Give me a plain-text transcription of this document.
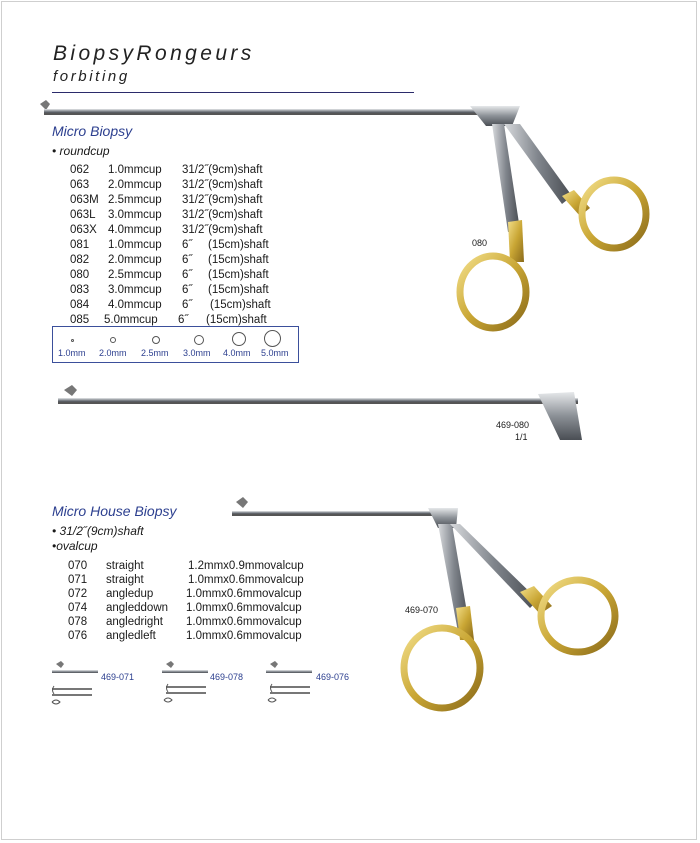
BiopsyRongeurs
forbiting
Micro Biopsy
• roundcup
062 1.0mmcup 31/2˝(9cm)shaft
063 2.0mmcup 31/2˝(9cm)shaft
063M 2.5mmcup 31/2˝(9cm)shaft
063L 3.0mmcup 31/2˝(9cm)shaft
063X 4.0mmcup 31/2˝(9cm)shaft
081 1.0mmcup 6˝ (15cm)shaft
082 2.0mmcup 6˝ (15cm)shaft
080 2.5mmcup 6˝ (15cm)shaft
083 3.0mmcup 6˝ (15cm)shaft
084 4.0mmcup 6˝ (15cm)shaft
085 5.0mmcup 6˝ (15cm)shaft
1.0mm 2.0mm 2.5mm 3.0mm 4.0mm 5.0mm
080
469-080
1/1
Micro House Biopsy
• 31/2˝(9cm)shaft
•ovalcup
070 straight	1.2mmx0.9mmovalcup
071 straight	1.0mmx0.6mmovalcup
072 angledup	1.0mmx0.6mmovalcup
074 angleddown 1.0mmx0.6mmovalcup
078 angledright 1.0mmx0.6mmovalcup
076 angledleft	1.0mmx0.6mmovalcup
469-070
469-071	469-078	469-076
